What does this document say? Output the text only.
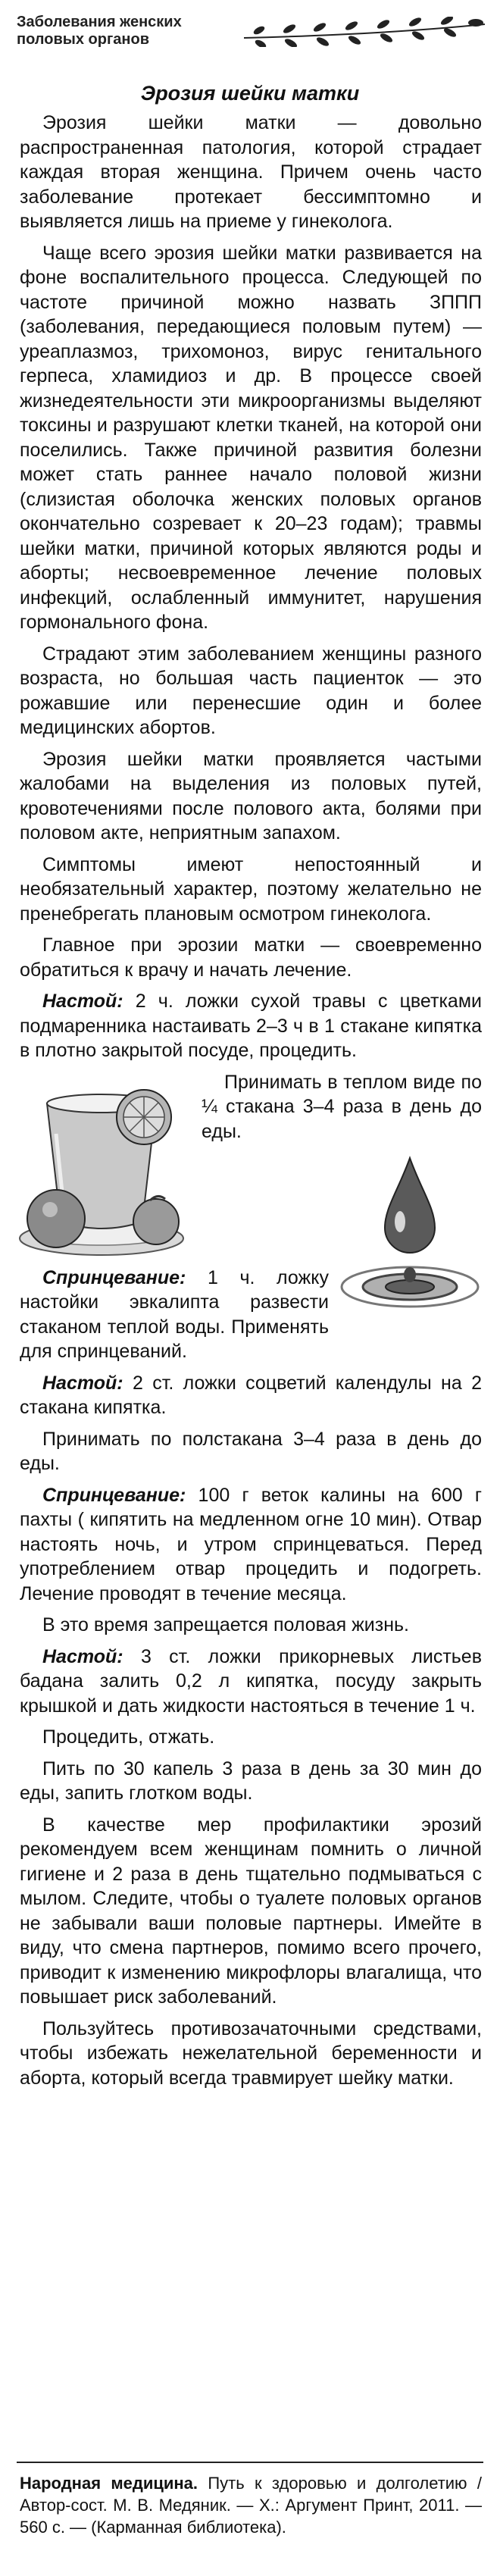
Заболевания женских половых органов
Эрозия шейки матки

Эрозия шейки матки — довольно распространенная патология, которой страдает каждая вторая женщина. Причем очень часто заболевание протекает бессимптомно и выявляется лишь на приеме у гинеколога.

Чаще всего эрозия шейки матки развивается на фоне воспалительного процесса. Следующей по частоте причиной можно назвать ЗППП (заболевания, передающиеся половым путем) — уреаплазмоз, трихомоноз, вирус генитального герпеса, хламидиоз и др. В процессе своей жизнедеятельности эти микроорганизмы выделяют токсины и разрушают клетки тканей, на которой они поселились. Также причиной развития болезни может стать раннее начало половой жизни (слизистая оболочка женских половых органов окончательно созревает к 20–23 годам); травмы шейки матки, причиной которых являются роды и аборты; несвоевременное лечение половых инфекций, ослабленный иммунитет, нарушения гормонального фона.

Страдают этим заболеванием женщины разного возраста, но большая часть пациенток — это рожавшие или перенесшие один и более медицинских абортов.

Эрозия шейки матки проявляется частыми жалобами на выделения из половых путей, кровотечениями после полового акта, болями при половом акте, неприятным запахом.

Симптомы имеют непостоянный и необязательный характер, поэтому желательно не пренебрегать плановым осмотром гинеколога.

Главное при эрозии матки — своевременно обратиться к врачу и начать лечение.

Настой: 2 ч. ложки сухой травы с цветками подмаренника настаивать 2–3 ч в 1 стакане кипятка в плотно закрытой посуде, процедить.

Принимать в теплом виде по ¼ стакана 3–4 раза в день до еды.

Спринцевание: 1 ч. ложку настойки эвкалипта развести стаканом теплой воды. Применять для спринцеваний.

Настой: 2 ст. ложки соцветий календулы на 2 стакана кипятка.

Принимать по полстакана 3–4 раза в день до еды.

Спринцевание: 100 г веток калины на 600 г пахты ( кипятить на медленном огне 10 мин). Отвар настоять ночь, и утром спринцеваться. Перед употреблением отвар процедить и подогреть. Лечение проводят в течение месяца.

В это время запрещается половая жизнь.

Настой: 3 ст. ложки прикорневых листьев бадана залить 0,2 л кипятка, посуду закрыть крышкой и дать жидкости настояться в течение 1 ч.

Процедить, отжать.

Пить по 30 капель 3 раза в день за 30 мин до еды, запить глотком воды.

В качестве мер профилактики эрозий рекомендуем всем женщинам помнить о личной гигиене и 2 раза в день тщательно подмываться с мылом. Следите, чтобы о туалете половых органов не забывали ваши половые партнеры. Имейте в виду, что смена партнеров, помимо всего прочего, приводит к изменению микрофлоры влагалища, что повышает риск заболеваний.

Пользуйтесь противозачаточными средствами, чтобы избежать нежелательной беременности и аборта, который всегда травмирует шейку матки.

Народная медицина. Путь к здоровью и долголетию / Автор-сост. М. В. Медяник. — Х.: Аргумент Принт, 2011. — 560 с. — (Карманная библиотека).
